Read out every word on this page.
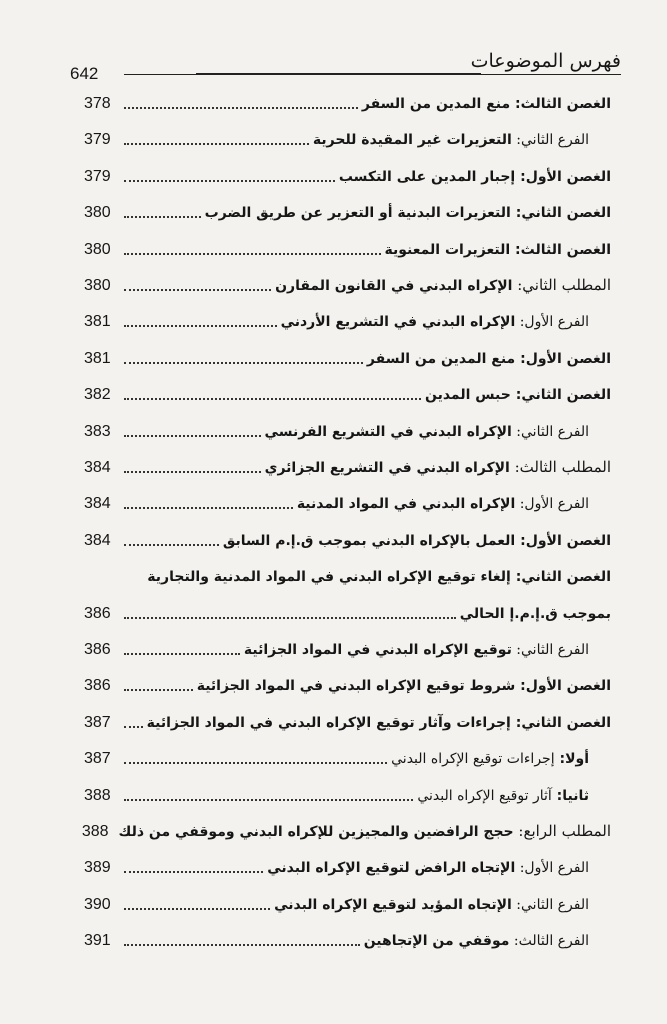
فهرس الموضوعات
642
الغصن الثالث: منع المدين من السفر
378
الفرع الثاني: التعزيرات غير المقيدة للحرية
379
الغصن الأول: إجبار المدين على التكسب
379
الغصن الثاني: التعزيرات البدنية أو التعزير عن طريق الضرب
380
الغصن الثالث: التعزيرات المعنوية
380
المطلب الثاني: الإكراه البدني في القانون المقارن
380
الفرع الأول: الإكراه البدني في التشريع الأردني
381
الغصن الأول: منع المدين من السفر
381
الغصن الثاني: حبس المدين
382
الفرع الثاني: الإكراه البدني في التشريع الفرنسي
383
المطلب الثالث: الإكراه البدني في التشريع الجزائري
384
الفرع الأول: الإكراه البدني في المواد المدنية
384
الغصن الأول: العمل بالإكراه البدني بموجب ق.إ.م السابق
384
الغصن الثاني: إلغاء توقيع الإكراه البدني في المواد المدنية والتجارية
بموجب ق.إ.م.إ الحالي
386
الفرع الثاني: توقيع الإكراه البدني في المواد الجزائية
386
الغصن الأول: شروط توقيع الإكراه البدني في المواد الجزائية
386
الغصن الثاني: إجراءات وآثار توقيع الإكراه البدني في المواد الجزائية
387
أولا: إجراءات توقيع الإكراه البدني
387
ثانيا: آثار توقيع الإكراه البدني
388
المطلب الرابع: حجج الرافضين والمجيزين للإكراه البدني وموقفي من ذلك
388
الفرع الأول: الإتجاه الرافض لتوقيع الإكراه البدني
389
الفرع الثاني: الإتجاه المؤيد لتوقيع الإكراه البدني
390
الفرع الثالث: موقفي من الإتجاهين
391
